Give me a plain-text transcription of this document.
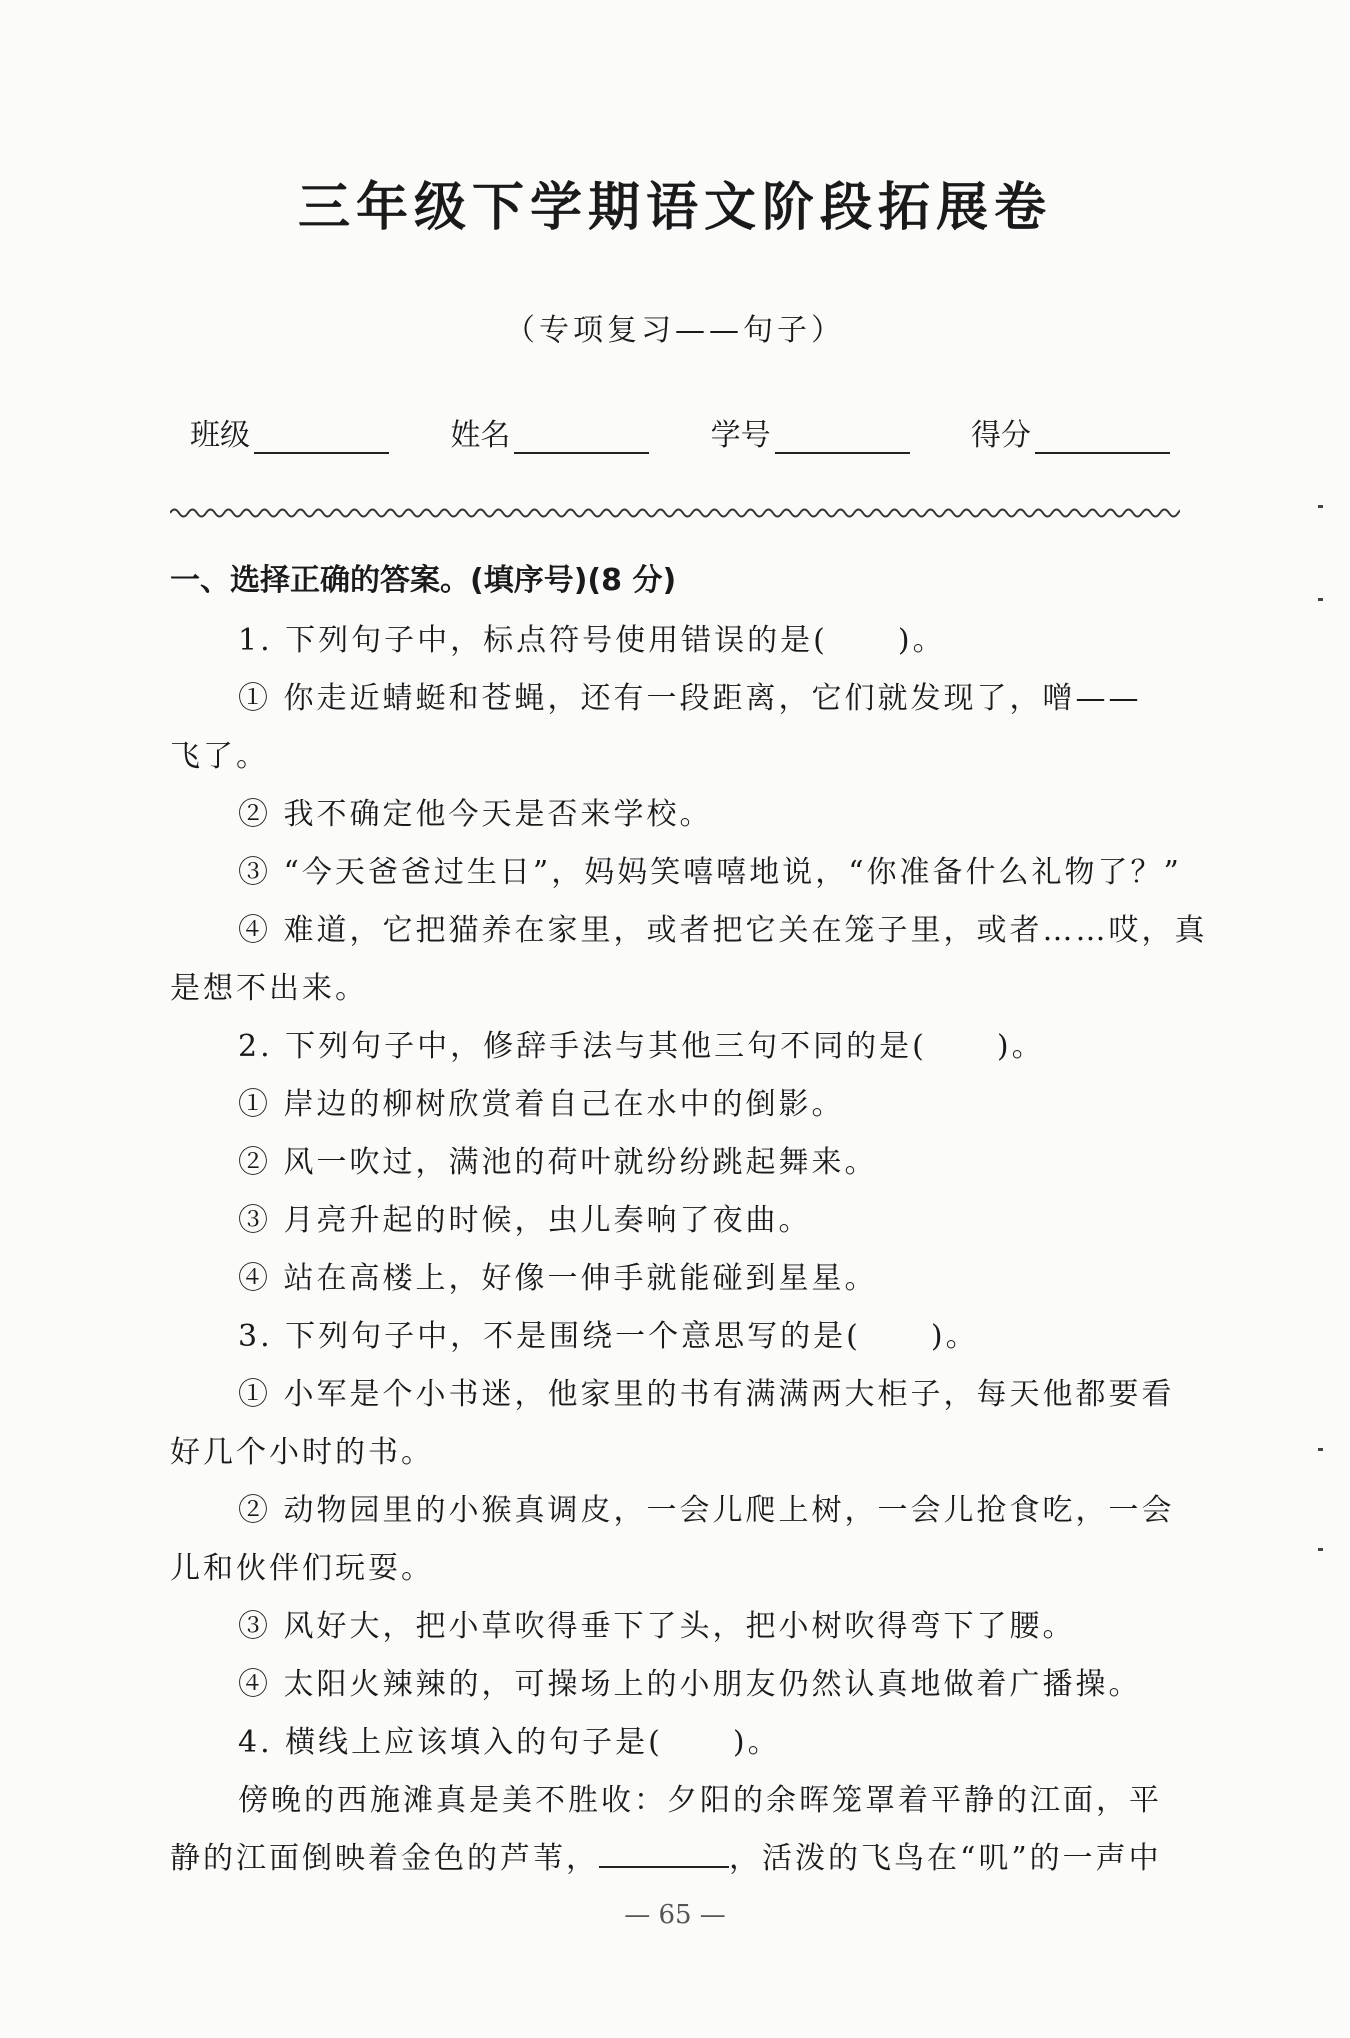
三年级下学期语文阶段拓展卷
（专项复习——句子）
班级	姓名	学号	得分
一、选择正确的答案。(填序号)(8 分)
1. 下列句子中，标点符号使用错误的是( )。
① 你走近蜻蜓和苍蝇，还有一段距离，它们就发现了，噌——
飞了。
② 我不确定他今天是否来学校。
③ “今天爸爸过生日”，妈妈笑嘻嘻地说，“你准备什么礼物了？”
④ 难道，它把猫养在家里，或者把它关在笼子里，或者……哎，真
是想不出来。
2. 下列句子中，修辞手法与其他三句不同的是( )。
① 岸边的柳树欣赏着自己在水中的倒影。
② 风一吹过，满池的荷叶就纷纷跳起舞来。
③ 月亮升起的时候，虫儿奏响了夜曲。
④ 站在高楼上，好像一伸手就能碰到星星。
3. 下列句子中，不是围绕一个意思写的是( )。
① 小军是个小书迷，他家里的书有满满两大柜子，每天他都要看
好几个小时的书。
② 动物园里的小猴真调皮，一会儿爬上树，一会儿抢食吃，一会
儿和伙伴们玩耍。
③ 风好大，把小草吹得垂下了头，把小树吹得弯下了腰。
④ 太阳火辣辣的，可操场上的小朋友仍然认真地做着广播操。
4. 横线上应该填入的句子是( )。
傍晚的西施滩真是美不胜收：夕阳的余晖笼罩着平静的江面，平
静的江面倒映着金色的芦苇，	，活泼的飞鸟在“叽”的一声中
— 65 —
